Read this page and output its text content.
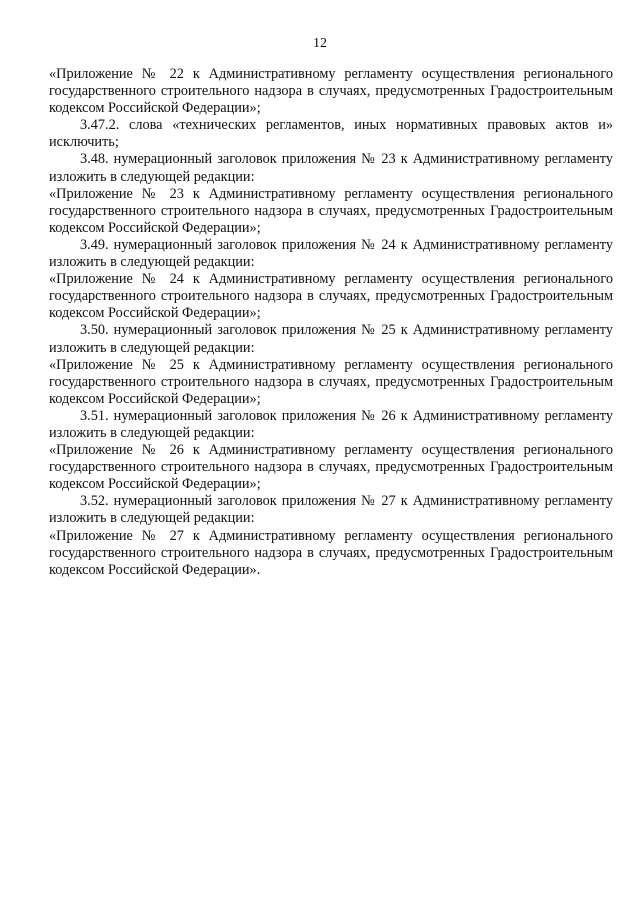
12

«Приложение № 22 к Административному регламенту осуществления регионального государственного строительного надзора в случаях, предусмотренных Градостроительным кодексом Российской Федерации»;

3.47.2. слова «технических регламентов, иных нормативных правовых актов и» исключить;

3.48. нумерационный заголовок приложения № 23 к Административному регламенту изложить в следующей редакции:

«Приложение № 23 к Административному регламенту осуществления регионального государственного строительного надзора в случаях, предусмотренных Градостроительным кодексом Российской Федерации»;

3.49. нумерационный заголовок приложения № 24 к Административному регламенту изложить в следующей редакции:

«Приложение № 24 к Административному регламенту осуществления регионального государственного строительного надзора в случаях, предусмотренных Градостроительным кодексом Российской Федерации»;

3.50. нумерационный заголовок приложения № 25 к Административному регламенту изложить в следующей редакции:

«Приложение № 25 к Административному регламенту осуществления регионального государственного строительного надзора в случаях, предусмотренных Градостроительным кодексом Российской Федерации»;

3.51. нумерационный заголовок приложения № 26 к Административному регламенту изложить в следующей редакции:

«Приложение № 26 к Административному регламенту осуществления регионального государственного строительного надзора в случаях, предусмотренных Градостроительным кодексом Российской Федерации»;

3.52. нумерационный заголовок приложения № 27 к Административному регламенту изложить в следующей редакции:

«Приложение № 27 к Административному регламенту осуществления регионального государственного строительного надзора в случаях, предусмотренных Градостроительным кодексом Российской Федерации».
